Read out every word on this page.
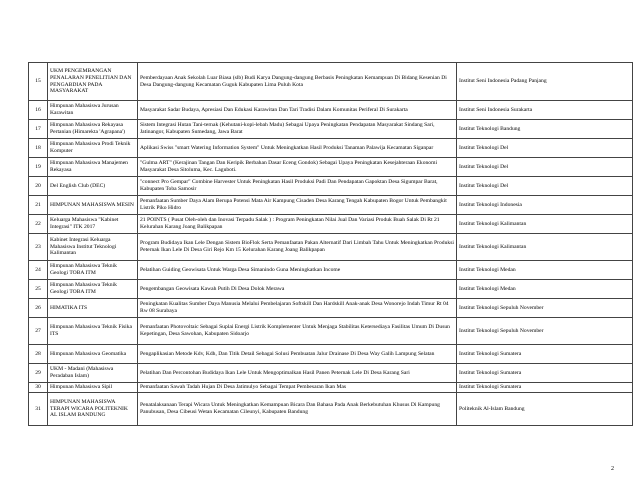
15	UKM PENGEMBANGAN PENALARAN PENELITIAN DAN PENGABDIAN PADA MASYARAKAT	Pemberdayaan Anak Sekolah Luar Biasa (slb) Budi Karya Dangung-dangung Berbasis Peningkatan Kemampuan Di Bidang Kesenian Di Desa Dangung-dangung Kecamatan Guguk Kabupaten Lima Puluh Kota	Institut Seni Indonesia Padang Panjang
16	Himpunan Mahasiswa Jurusan Karawitan	Masyarakat Sadar Budaya, Apresiasi Dan Edukasi Karawitan Dan Tari Tradisi Dalam Komunitas Periferal Di Surakarta	Institut Seni Indonesia Surakarta
17	Himpunan Mahasiswa Rekayasa Pertanian (Himarekta 'Agrapana')	Sistem Integrasi Hutan Tani-ternak (Kehutani-kopi-lebah Madu) Sebagai Upaya Peningkatan Pendapatan Masyarakat Sindang Sari, Jatinangor, Kabupaten Sumedang, Jawa Barat	Institut Teknologi Bandung
18	Himpunan Mahasiswa Prodi Teknik Komputer	Aplikasi Swiss "smart Watering Information System" Untuk Meningkatkan Hasil Produksi Tanaman Palawija Kecamatan Siganpar	Institut Teknologi Del
19	Himpunan Mahasiswa Manajemen Rekayasa	"Gulma ART" (Kerajinan Tangan Dan Keripik Berbahan Dasar Eceng Gondok) Sebagai Upaya Peningkatan Kesejahteraan Ekonomi Masyarakat Desa Sitoluma, Kec. Laguboti.	Institut Teknologi Del
20	Del English Club (DEC)	"connect Pro Gempar" Combine Harvester Untuk Peningkatan Hasil Produksi Padi Dan Pendapatan Gapoktan Desa Sigumpar Barat, Kabupaten Toba Samosir	Institut Teknologi Del
21	HIMPUNAN MAHASISWA MESIN	Pemanfaatan Sumber Daya Alam Berupa Potensi Mata Air Kampung Cisaden Desa Karang Tengah Kabupaten Bogor Untuk Pembangkit Listrik Piko Hidro	Institut Teknologi Indonesia
22	Keluarga Mahasiswa "Kabinet Integrasi" ITK 2017	21 POINTS ( Pusat Oleh-oleh dan Inovasi Terpadu Salak ) : Program Peningkatan Nilai Jual Dan Variasi Produk Buah Salak Di Rt 21 Kelurahan Karang Joang Balikpapan	Institut Teknologi Kalimantan
23	Kabinet Integrasi Keluarga Mahasiswa Institut Teknologi Kalimantan	Program Budidaya Ikan Lele Dengan Sistem BioFlok Serta Pemanfaatan Pakan Alternatif Dari Limbah Tahu Untuk Meningkatkan Produksi Peternak Ikan Lele Di Desa Giri Rejo Km 15 Kelurahan Karang Joang Balikpapan	Institut Teknologi Kalimantan
24	Himpunan Mahasiswa Teknik Geologi TOBA ITM	Pelatihan Guiding Geowisata Untuk Warga Desa Simanindo Guna Meningkatkan Income	Institut Teknologi Medan
25	Himpunan Mahasiswa Teknik Geologi TOBA ITM	Pengembangan Geowisata Kawah Putih Di Desa Dolok Merawa	Institut Teknologi Medan
26	HIMATIKA ITS	Peningkatan Kualitas Sumber Daya Manusia Melalui Pembelajaran Softskill Dan Hardskill Anak-anak Desa Wonorejo Indah Timur Rt 04 Rw 08 Surabaya	Institut Teknologi Sepuluh November
27	Himpunan Mahasiswa Teknik Fisika ITS	Pemanfaatan Photovoltaic Sebagai Suplai Energi Listrik Komplementer Untuk Menjaga Stabilitas Ketersediaya Fasilitas Umum Di Dusun Kepetingan, Desa Sawohan, Kabupaten Sidoarjo	Institut Teknologi Sepuluh November
28	Himpunan Mahasiswa Geomatika	Pengaplikasian Metode Kdv, Kdh, Dan Titik Detail Sebagai Solusi Pembuatan Jalur Drainase Di Desa Way Galih Lampung Selatan	Institut Teknologi Sumatera
29	UKM - Madani (Mahasiswa Peradaban Islam)	Pelatihan Dan Percontohan Budidaya Ikan Lele Untuk Mengoptimalkan Hasil Panen Peternak Lele Di Desa Karang Sari	Institut Teknologi Sumatera
30	Himpunan Mahasiswa Sipil	Pemanfaatan Sawah Tadah Hujan Di Desa Jatimulyo Sebagai Tempat Pembesaran Ikan Mas	Institut Teknologi Sumatera
31	HIMPUNAN MAHASISWA TERAPI WICARA POLITEKNIK AL ISLAM BANDUNG	Penatalaksanaan Terapi Wicara Untuk Meningkatkan Kemampuan Bicara Dan Bahasa Pada Anak Berkebutuhan Khusus Di Kampung Panubusan, Desa Cibeusi Wetan Kecamatan Cileunyi, Kabupaten Bandung	Politeknik Al-Islam Bandung
2
